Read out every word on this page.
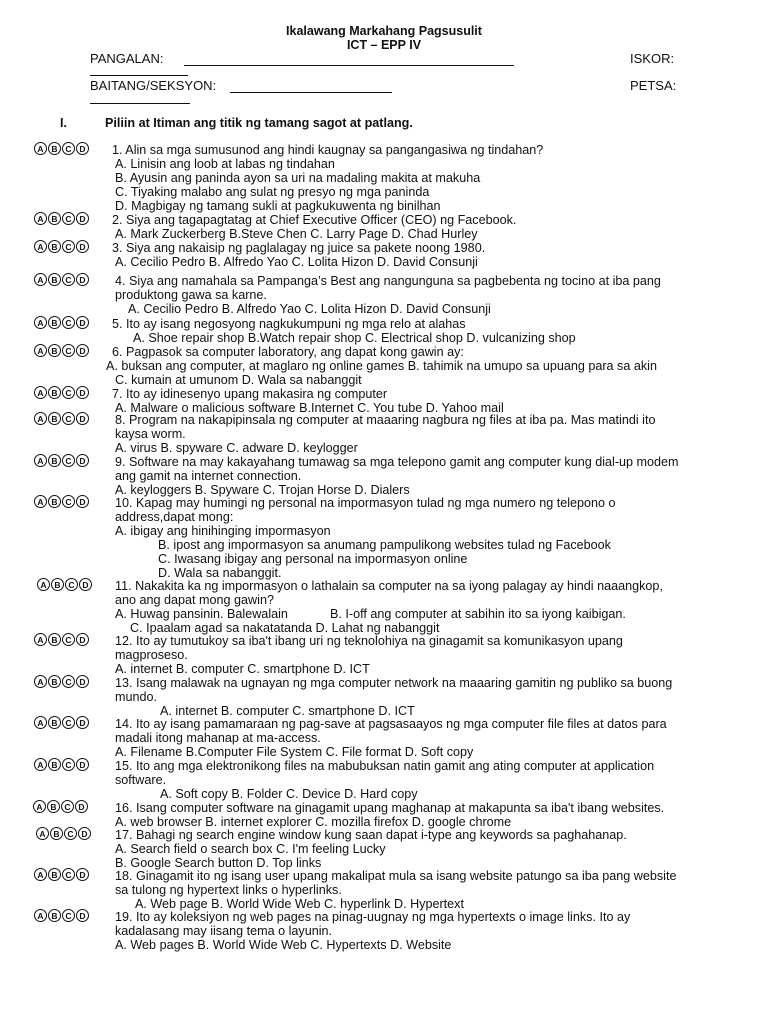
Ikalawang Markahang Pagsusulit
ICT – EPP IV
PANGALAN:	ISKOR:
BAITANG/SEKSYON:	PETSA:
I.	Piliin at Itiman ang titik ng tamang sagot at patlang.
A B C D
A B C D
A B C D
A B C D
A B C D
A B C D
A B C D
A B C D
A B C D
A B C D
A B C D
A B C D
A B C D
A B C D
A B C D
A B C D
A B C D
A B C D
A B C D
1. Alin sa mga sumusunod ang hindi kaugnay sa pangangasiwa ng tindahan?
A. Linisin ang loob at labas ng tindahan
B. Ayusin ang paninda ayon sa uri na madaling makita at makuha
C. Tiyaking malabo ang sulat ng presyo ng mga paninda
D. Magbigay ng tamang sukli at pagkukuwenta ng binilhan
2. Siya ang tagapagtatag at Chief Executive Officer (CEO) ng Facebook.
A. Mark Zuckerberg B.Steve Chen C. Larry Page D. Chad Hurley
3. Siya ang nakaisip ng paglalagay ng juice sa pakete noong 1980.
A. Cecilio Pedro B. Alfredo Yao C. Lolita Hizon D. David Consunji
4. Siya ang namahala sa Pampanga’s Best ang nangunguna sa pagbebenta ng tocino at iba pang
produktong gawa sa karne.
A. Cecilio Pedro B. Alfredo Yao C. Lolita Hizon D. David Consunji
5. Ito ay isang negosyong nagkukumpuni ng mga relo at alahas
A. Shoe repair shop B.Watch repair shop C. Electrical shop D. vulcanizing shop
6. Pagpasok sa computer laboratory, ang dapat kong gawin ay:
A. buksan ang computer, at maglaro ng online games B. tahimik na umupo sa upuang para sa akin
C. kumain at umunom D. Wala sa nabanggit
7. Ito ay idinesenyo upang makasira ng computer
A. Malware o malicious software B.Internet C. You tube D. Yahoo mail
8. Program na nakapipinsala ng computer at maaaring nagbura ng files at iba pa. Mas matindi ito
kaysa worm.
A. virus B. spyware C. adware D. keylogger
9. Software na may kakayahang tumawag sa mga telepono gamit ang computer kung dial-up modem
ang gamit na internet connection.
A. keyloggers B. Spyware C. Trojan Horse D. Dialers
10. Kapag may humingi ng personal na impormasyon tulad ng mga numero ng telepono o
address,dapat mong:
A. ibigay ang hinihinging impormasyon
B. ipost ang impormasyon sa anumang pampulikong websites tulad ng Facebook
C. Iwasang ibigay ang personal na impormasyon online
D. Wala sa nabanggit.
11. Nakakita ka ng impormasyon o lathalain sa computer na sa iyong palagay ay hindi naaangkop,
ano ang dapat mong gawin?
A. Huwag pansinin. Balewalain	B. I-off ang computer at sabihin ito sa iyong kaibigan.
C. Ipaalam agad sa nakatatanda D. Lahat ng nabanggit
12. Ito ay tumutukoy sa iba't ibang uri ng teknolohiya na ginagamit sa komunikasyon upang
magproseso.
A. internet B. computer C. smartphone D. ICT
13. Isang malawak na ugnayan ng mga computer network na maaaring gamitin ng publiko sa buong
mundo.
A. internet B. computer C. smartphone D. ICT
14. Ito ay isang pamamaraan ng pag-save at pagsasaayos ng mga computer file files at datos para
madali itong mahanap at ma-access.
A. Filename B.Computer File System C. File format D. Soft copy
15. Ito ang mga elektronikong files na mabubuksan natin gamit ang ating computer at application
software.
A. Soft copy B. Folder C. Device D. Hard copy
16. Isang computer software na ginagamit upang maghanap at makapunta sa iba't ibang websites.
A. web browser B. internet explorer C. mozilla firefox D. google chrome
17. Bahagi ng search engine window kung saan dapat i-type ang keywords sa paghahanap.
A. Search field o search box C. I'm feeling Lucky
B. Google Search button D. Top links
18. Ginagamit ito ng isang user upang makalipat mula sa isang website patungo sa iba pang website
sa tulong ng hypertext links o hyperlinks.
A. Web page B. World Wide Web C. hyperlink D. Hypertext
19. Ito ay koleksiyon ng web pages na pinag-uugnay ng mga hypertexts o image links. Ito ay
kadalasang may iisang tema o layunin.
A. Web pages B. World Wide Web C. Hypertexts D. Website
